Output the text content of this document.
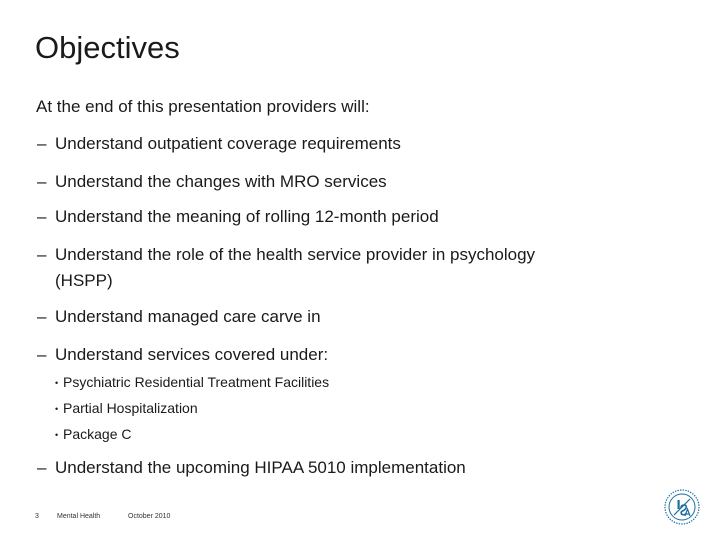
Objectives
At the end of this presentation providers will:
– Understand outpatient coverage requirements
– Understand the changes with MRO services
– Understand the meaning of rolling 12-month period
– Understand the role of the health service provider in psychology
(HSPP)
– Understand managed care carve in
– Understand services covered under:
• Psychiatric Residential Treatment Facilities
• Partial Hospitalization
• Package C
– Understand the upcoming HIPAA 5010 implementation
3	Mental Health	October 2010
